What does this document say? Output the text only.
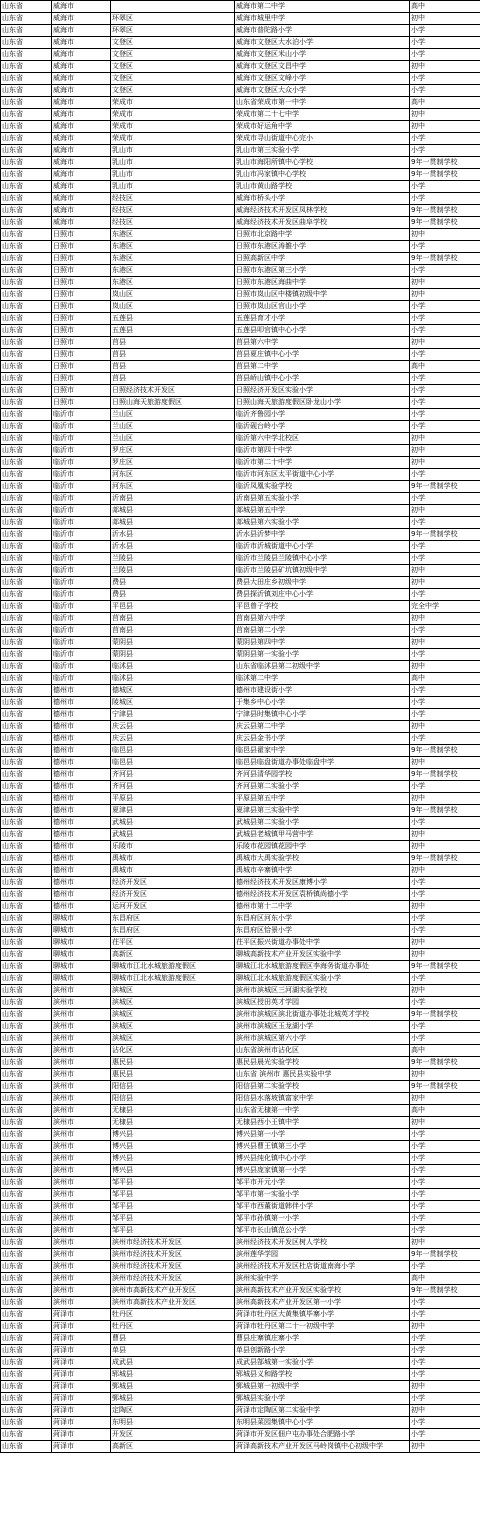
山东省	威海市		威海市第二中学	高中
山东省	威海市	环翠区	威海市城里中学	初中
山东省	威海市	环翠区	威海市普陀路小学	小学
山东省	威海市	文登区	威海市文登区大水泊小学	小学
山东省	威海市	文登区	威海市文登区米山小学	小学
山东省	威海市	文登区	威海市文登区文昌中学	初中
山东省	威海市	文登区	威海市文登区文峰小学	小学
山东省	威海市	文登区	威海市文登区大众小学	小学
山东省	威海市	荣成市	山东省荣成市第一中学	高中
山东省	威海市	荣成市	荣成市第二十七中学	初中
山东省	威海市	荣成市	荣成市好运角中学	初中
山东省	威海市	荣成市	荣成市寻山街道中心完小	小学
山东省	威海市	乳山市	乳山市第三实验小学	小学
山东省	威海市	乳山市	乳山市海阳所镇中心学校	9年一贯制学校
山东省	威海市	乳山市	乳山市冯家镇中心学校	9年一贯制学校
山东省	威海市	乳山市	乳山市黄山路学校	小学
山东省	威海市	经技区	威海市桥头小学	小学
山东省	威海市	经技区	威海经济技术开发区凤林学校	9年一贯制学校
山东省	威海市	经技区	威海经济技术开发区曲阜学校	9年一贯制学校
山东省	日照市	东港区	日照市北京路中学	初中
山东省	日照市	东港区	日照市东港区涛雒小学	小学
山东省	日照市	东港区	日照高新区中学	9年一贯制学校
山东省	日照市	东港区	日照市东港区第三小学	小学
山东省	日照市	东港区	日照市东港区海曲中学	初中
山东省	日照市	岚山区	日照市岚山区中楼镇初级中学	初中
山东省	日照市	岚山区	日照市岚山区官山小学	小学
山东省	日照市	五莲县	五莲县育才小学	小学
山东省	日照市	五莲县	五莲县叩官镇中心小学	小学
山东省	日照市	莒县	莒县第六中学	初中
山东省	日照市	莒县	莒县夏庄镇中心小学	小学
山东省	日照市	莒县	莒县第二中学	高中
山东省	日照市	莒县	莒县峤山镇中心小学	小学
山东省	日照市	日照经济技术开发区	日照经济开发区实验小学	小学
山东省	日照市	日照山海天旅游度假区	日照山海天旅游度假区卧龙山小学	小学
山东省	临沂市	兰山区	临沂齐鲁园小学	小学
山东省	临沂市	兰山区	临沂砚台岭小学	小学
山东省	临沂市	兰山区	临沂第六中学北校区	初中
山东省	临沂市	罗庄区	临沂市第四十中学	初中
山东省	临沂市	罗庄区	临沂市第二十中学	初中
山东省	临沂市	河东区	临沂市河东区太平街道中心小学	小学
山东省	临沂市	河东区	临沂凤凰实验学校	9年一贯制学校
山东省	临沂市	沂南县	沂南县第五实验小学	小学
山东省	临沂市	郯城县	郯城县第五中学	初中
山东省	临沂市	郯城县	郯城县第六实验小学	小学
山东省	临沂市	沂水县	沂水县沂梦中学	9年一贯制学校
山东省	临沂市	沂水县	临沂市沂城街道中心小学	小学
山东省	临沂市	兰陵县	临沂市兰陵县兰陵镇中心小学	小学
山东省	临沂市	兰陵县	临沂市兰陵县矿坑镇初级中学	初中
山东省	临沂市	费县	费县大田庄乡初级中学	初中
山东省	临沂市	费县	费县探沂镇刘庄中心小学	小学
山东省	临沂市	平邑县	平邑曾子学校	完全中学
山东省	临沂市	莒南县	莒南县第六中学	初中
山东省	临沂市	莒南县	莒南县第二小学	小学
山东省	临沂市	蒙阴县	蒙阴县第四中学	初中
山东省	临沂市	蒙阴县	蒙阴县第一实验小学	小学
山东省	临沂市	临沭县	山东省临沭县第二初级中学	初中
山东省	临沂市	临沭县	临沭第二中学	高中
山东省	德州市	德城区	德州市建设街小学	小学
山东省	德州市	陵城区	于集乡中心小学	小学
山东省	德州市	宁津县	宁津县时集镇中心小学	小学
山东省	德州市	庆云县	庆云县第二中学	初中
山东省	德州市	庆云县	庆云县金书小学	小学
山东省	德州市	临邑县	临邑县翟家中学	9年一贯制学校
山东省	德州市	临邑县	临邑县临盘街道办事处临盘中学	初中
山东省	德州市	齐河县	齐河县清华园学校	9年一贯制学校
山东省	德州市	齐河县	齐河县第二实验小学	小学
山东省	德州市	平原县	平原县第五中学	初中
山东省	德州市	夏津县	夏津县第三实验中学	9年一贯制学校
山东省	德州市	武城县	武城县第二实验小学	小学
山东省	德州市	武城县	武城县老城镇甲马营中学	初中
山东省	德州市	乐陵市	乐陵市花园镇花园中学	初中
山东省	德州市	禹城市	禹城市大禹实验学校	9年一贯制学校
山东省	德州市	禹城市	禹城市辛寨镇中学	初中
山东省	德州市	经济开发区	德州经济技术开发区康博小学	小学
山东省	德州市	经济开发区	德州经济技术开发区袁桥镇尚德小学	小学
山东省	德州市	运河开发区	德州市第十二中学	初中
山东省	聊城市	东昌府区	东昌府区河东小学	小学
山东省	聊城市	东昌府区	东昌府区恰景小学	小学
山东省	聊城市	茌平区	茌平区振兴街道办事处中学	初中
山东省	聊城市	高新区	聊城高新技术产业开发区实验中学	初中
山东省	聊城市	聊城市江北水城旅游度假区	聊城江北水城旅游度假区李海务街道办事处	9年一贯制学校
山东省	聊城市	聊城市江北水城旅游度假区	聊城江北水城旅游度假区实验小学	小学
山东省	滨州市	滨城区	滨州市滨城区三河湖实验学校	初中
山东省	滨州市	滨城区	滨城区授田英才学园	小学
山东省	滨州市	滨城区	滨州市滨城区滨北街道办事处北城英才学校	9年一贯制学校
山东省	滨州市	滨城区	滨州市滨城区玉龙湖小学	小学
山东省	滨州市	滨城区	滨州市滨城区第六小学	小学
山东省	滨州市	沾化区	山东省滨州市沾化区	高中
山东省	滨州市	惠民县	惠民县晨光实验学校	9年一贯制学校
山东省	滨州市	惠民县	山东省 滨州市 惠民县实验中学	初中
山东省	滨州市	阳信县	阳信县第二实验学校	9年一贯制学校
山东省	滨州市	阳信县	阳信县水落坡镇富家中学	初中
山东省	滨州市	无棣县	山东省无棣第一中学	高中
山东省	滨州市	无棣县	无棣县西小王镇中学	初中
山东省	滨州市	博兴县	博兴县第一小学	小学
山东省	滨州市	博兴县	博兴县曹王镇第三小学	小学
山东省	滨州市	博兴县	博兴县纯化镇中心小学	小学
山东省	滨州市	博兴县	博兴县庞家镇第一小学	小学
山东省	滨州市	邹平县	邹平市开元小学	小学
山东省	滨州市	邹平县	邹平市第一实验小学	小学
山东省	滨州市	邹平县	邹平市西董街道韩伴小学	小学
山东省	滨州市	邹平县	邹平市孙镇第一小学	小学
山东省	滨州市	邹平县	邹平市长山镇范公小学	小学
山东省	滨州市	滨州市经济技术开发区	滨州经济技术开发区树人学校	初中
山东省	滨州市	滨州市经济技术开发区	滨州莲华学园	9年一贯制学校
山东省	滨州市	滨州市经济技术开发区	滨州经济技术开发区杜店街道南海小学	小学
山东省	滨州市	滨州市经济技术开发区	滨州实验中学	高中
山东省	滨州市	滨州市高新技术产业开发区	滨州高新技术产业开发区实验学校	9年一贯制学校
山东省	滨州市	滨州市高新技术产业开发区	滨州高新技术产业开发区第一小学	小学
山东省	菏泽市	牡丹区	菏泽市牡丹区大黄集镇毕寨小学	小学
山东省	菏泽市	牡丹区	菏泽市牡丹区第二十一初级中学	初中
山东省	菏泽市	曹县	曹县庄寨镇庄寨小学	小学
山东省	菏泽市	单县	单县创新路小学	小学
山东省	菏泽市	成武县	成武县郜城第一实验小学	小学
山东省	菏泽市	郓城县	郓城县义和路学校	小学
山东省	菏泽市	鄄城县	鄄城县第一初级中学	初中
山东省	菏泽市	鄄城县	鄄城县实验小学	小学
山东省	菏泽市	定陶区	菏泽市定陶区第二实验中学	初中
山东省	菏泽市	东明县	东明县菜园集镇中心小学	小学
山东省	菏泽市	开发区	菏泽市开发区佃户屯办事处合肥路小学	小学
山东省	菏泽市	高新区	菏泽高新技术产业开发区马岭岗镇中心初级中学	初中
